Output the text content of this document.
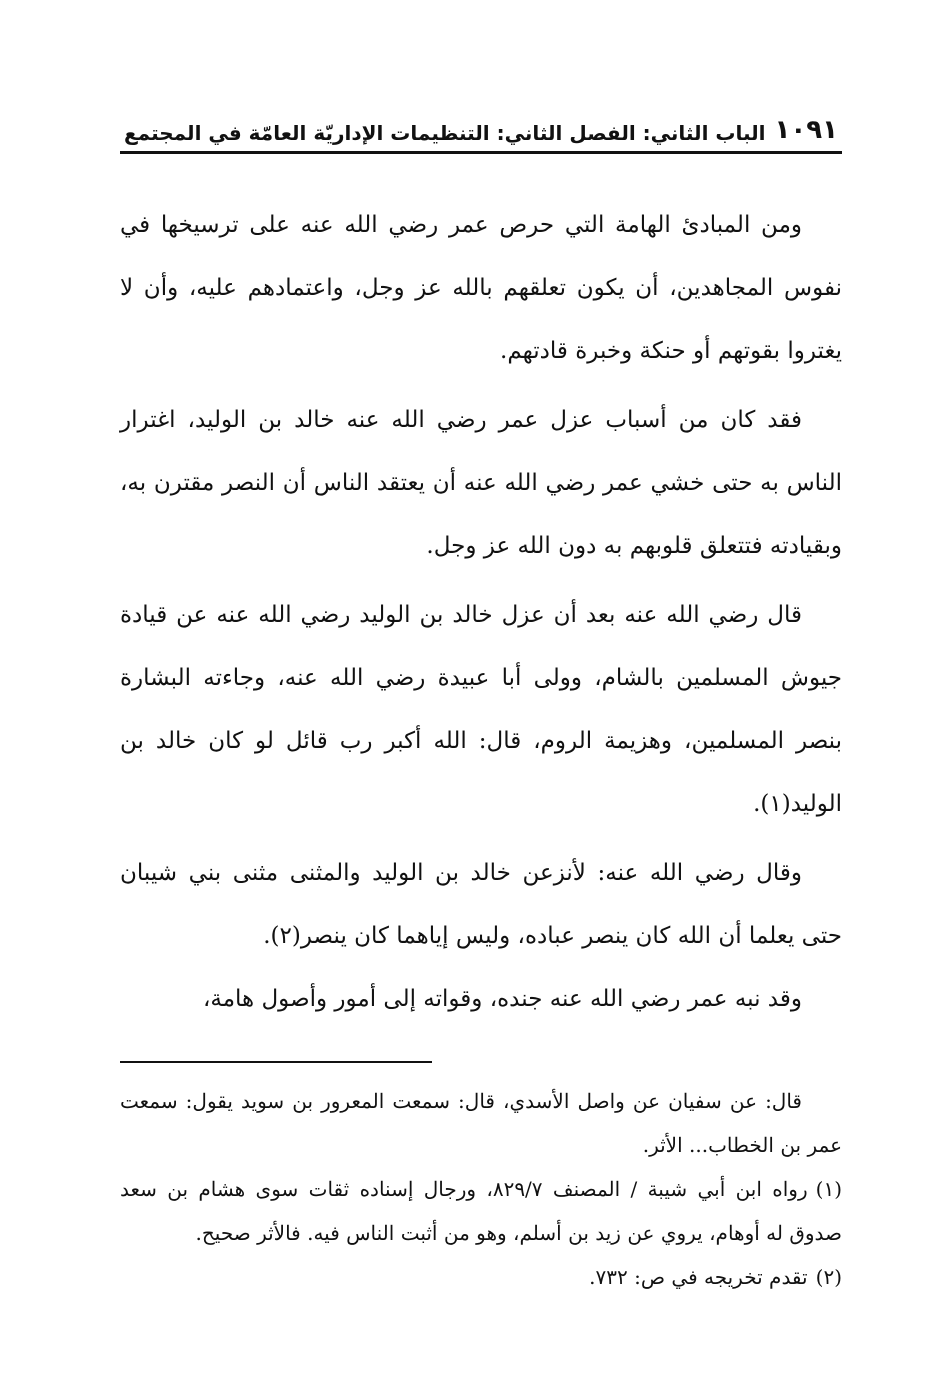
١٠٩١
الباب الثاني: الفصل الثاني: التنظيمات الإداريّة العامّة في المجتمع

ومن المبادئ الهامة التي حرص عمر رضي الله عنه على ترسيخها في نفوس المجاهدين، أن يكون تعلقهم بالله عز وجل، واعتمادهم عليه، وأن لا يغتروا بقوتهم أو حنكة وخبرة قادتهم.

فقد كان من أسباب عزل عمر رضي الله عنه خالد بن الوليد، اغترار الناس به حتى خشي عمر رضي الله عنه أن يعتقد الناس أن النصر مقترن به، وبقيادته فتتعلق قلوبهم به دون الله عز وجل.

قال رضي الله عنه بعد أن عزل خالد بن الوليد رضي الله عنه عن قيادة جيوش المسلمين بالشام، وولى أبا عبيدة رضي الله عنه، وجاءته البشارة بنصر المسلمين، وهزيمة الروم، قال: الله أكبر رب قائل لو كان خالد بن الوليد(١).

وقال رضي الله عنه: لأنزعن خالد بن الوليد والمثنى مثنى بني شيبان حتى يعلما أن الله كان ينصر عباده، وليس إياهما كان ينصر(٢).

وقد نبه عمر رضي الله عنه جنده، وقواته إلى أمور وأصول هامة،

قال: عن سفيان عن واصل الأسدي، قال: سمعت المعرور بن سويد يقول: سمعت عمر بن الخطاب... الأثر.

(١)رواه ابن أبي شيبة / المصنف ٨٢٩/٧، ورجال إسناده ثقات سوى هشام بن سعد صدوق له أوهام، يروي عن زيد بن أسلم، وهو من أثبت الناس فيه. فالأثر صحيح.

(٢)تقدم تخريجه في ص: ٧٣٢.
